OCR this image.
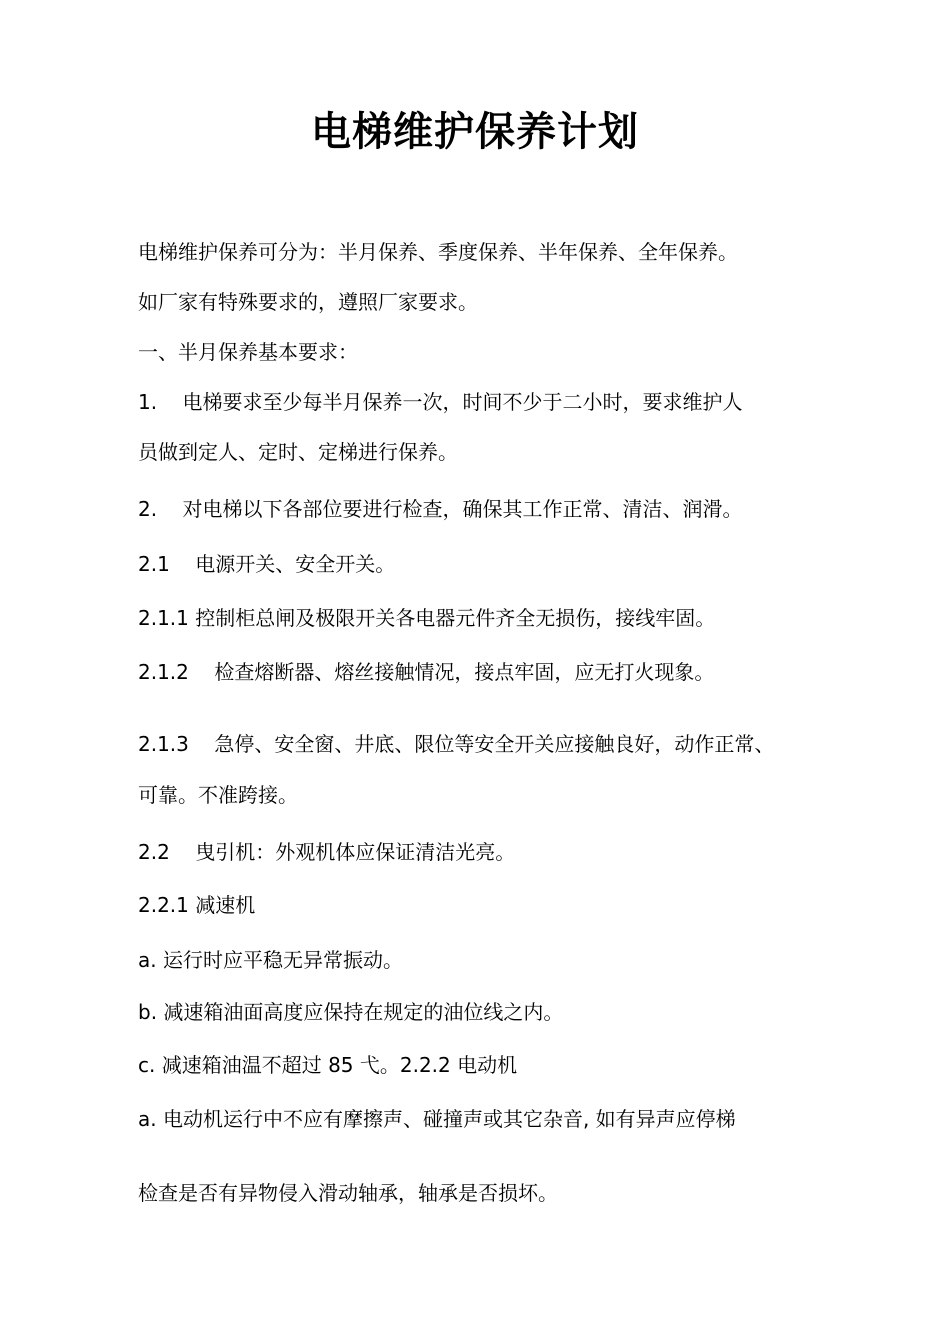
电梯维护保养计划
电梯维护保养可分为：半月保养、季度保养、半年保养、全年保养。
如厂家有特殊要求的，遵照厂家要求。
一、半月保养基本要求：
1.    电梯要求至少每半月保养一次，时间不少于二小时，要求维护人
员做到定人、定时、定梯进行保养。
2.    对电梯以下各部位要进行检查，确保其工作正常、清洁、润滑。
2.1    电源开关、安全开关。
2.1.1 控制柜总闸及极限开关各电器元件齐全无损伤，接线牢固。
2.1.2    检查熔断器、熔丝接触情况，接点牢固，应无打火现象。
2.1.3    急停、安全窗、井底、限位等安全开关应接触良好，动作正常、
可靠。不准跨接。
2.2    曳引机：外观机体应保证清洁光亮。
2.2.1 减速机
a. 运行时应平稳无异常振动。
b. 减速箱油面高度应保持在规定的油位线之内。
c. 减速箱油温不超过 85 弋。2.2.2 电动机
a. 电动机运行中不应有摩擦声、碰撞声或其它杂音, 如有异声应停梯
检查是否有异物侵入滑动轴承，轴承是否损坏。
